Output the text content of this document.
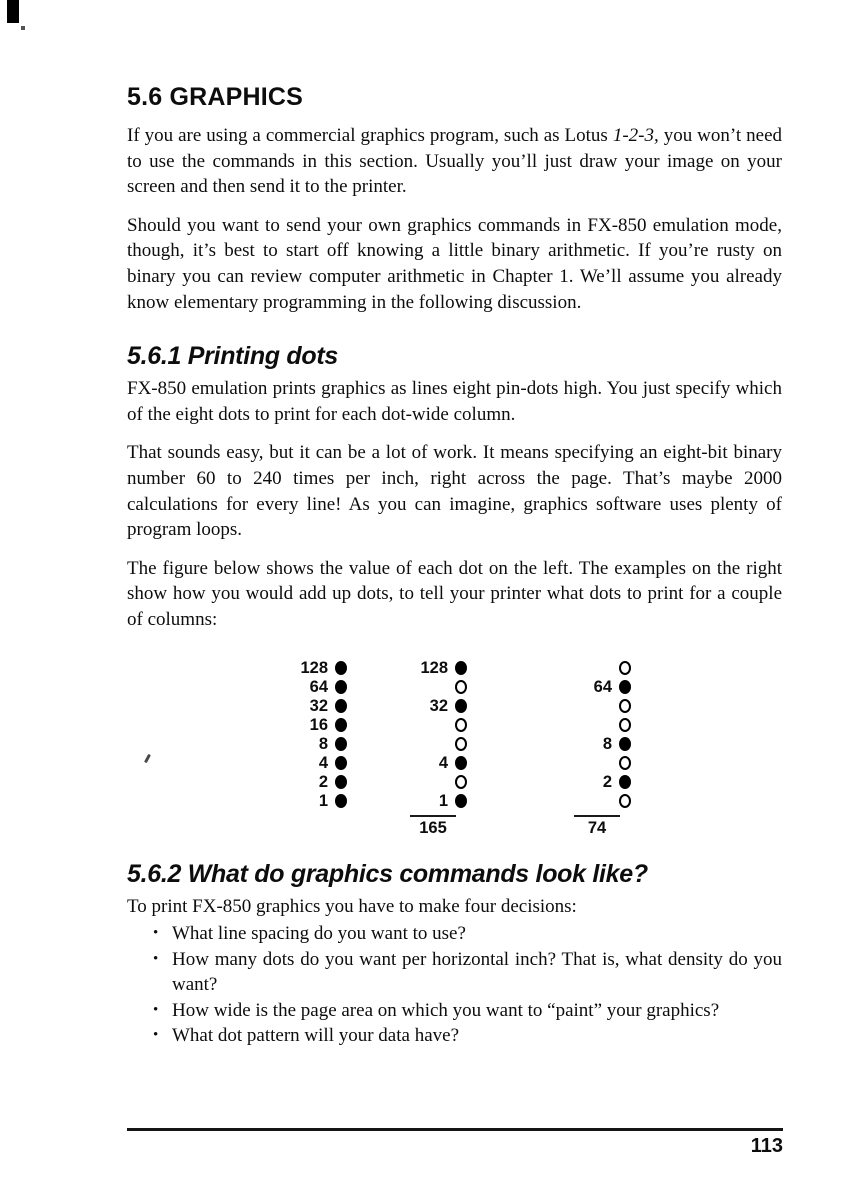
5.6 GRAPHICS

If you are using a commercial graphics program, such as Lotus 1-2-3, you won’t need to use the commands in this section. Usually you’ll just draw your image on your screen and then send it to the printer.

Should you want to send your own graphics commands in FX-850 emulation mode, though, it’s best to start off knowing a little binary arithmetic. If you’re rusty on binary you can review computer arithmetic in Chapter 1. We’ll assume you already know elementary programming in the following discussion.

5.6.1 Printing dots

FX-850 emulation prints graphics as lines eight pin-dots high. You just specify which of the eight dots to print for each dot-wide column.

That sounds easy, but it can be a lot of work. It means specifying an eight-bit binary number 60 to 240 times per inch, right across the page. That’s maybe 2000 calculations for every line! As you can imagine, graphics software uses plenty of program loops.

The figure below shows the value of each dot on the left. The examples on the right show how you would add up dots, to tell your printer what dots to print for a couple of columns:

128
64
32
16
8
4
2
1
128
32
4
1
165
64
8
2
74
5.6.2 What do graphics commands look like?

To print FX-850 graphics you have to make four decisions:

• What line spacing do you want to use?
• How many dots do you want per horizontal inch? That is, what density do you want?
• How wide is the page area on which you want to “paint” your graphics?
• What dot pattern will your data have?
113
